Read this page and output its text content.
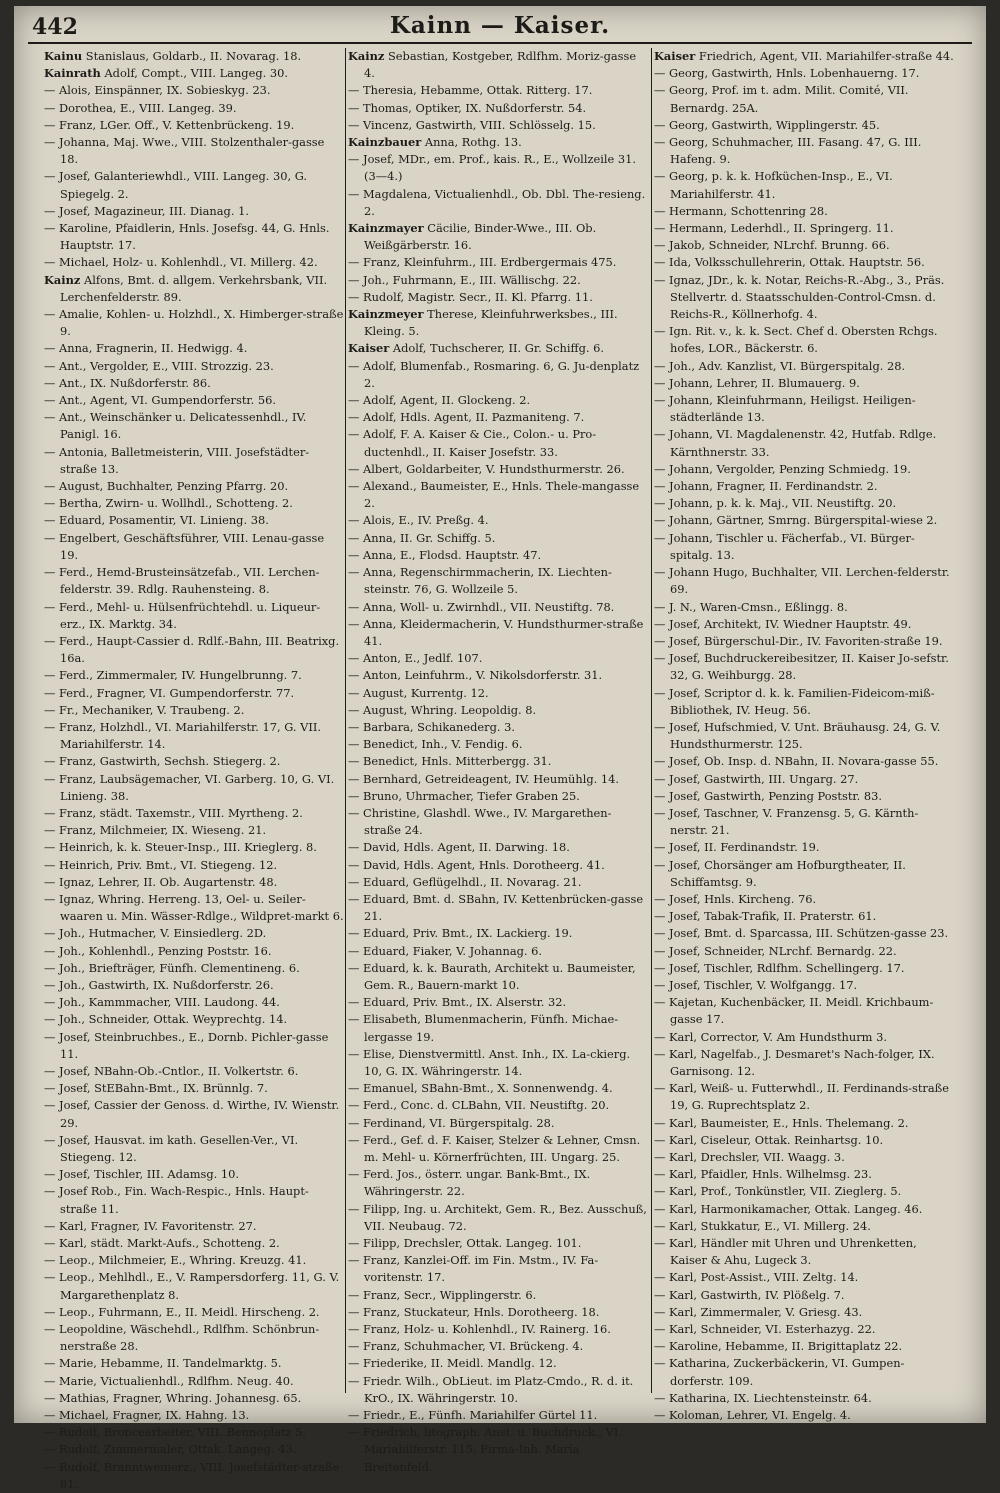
442	Kainn — Kaiser.

Kainu Stanislaus, Goldarb., II. Novarag. 18.

Kainrath Adolf, Compt., VIII. Langeg. 30.

— Alois, Einspänner, IX. Sobieskyg. 23.

— Dorothea, E., VIII. Langeg. 39.

— Franz, LGer. Off., V. Kettenbrückeng. 19.

— Johanna, Maj. Wwe., VIII. Stolzenthaler-gasse 18.

— Josef, Galanteriewhdl., VIII. Langeg. 30, G. Spiegelg. 2.

— Josef, Magazineur, III. Dianag. 1.

— Karoline, Pfaidlerin, Hnls. Josefsg. 44, G. Hnls. Hauptstr. 17.

— Michael, Holz- u. Kohlenhdl., VI. Millerg. 42.

Kainz Alfons, Bmt. d. allgem. Verkehrsbank, VII. Lerchenfelderstr. 89.

— Amalie, Kohlen- u. Holzhdl., X. Himberger-straße 9.

— Anna, Fragnerin, II. Hedwigg. 4.

— Ant., Vergolder, E., VIII. Strozzig. 23.

— Ant., IX. Nußdorferstr. 86.

— Ant., Agent, VI. Gumpendorferstr. 56.

— Ant., Weinschänker u. Delicatessenhdl., IV. Panigl. 16.

— Antonia, Balletmeisterin, VIII. Josefstädter-straße 13.

— August, Buchhalter, Penzing Pfarrg. 20.

— Bertha, Zwirn- u. Wollhdl., Schotteng. 2.

— Eduard, Posamentir, VI. Linieng. 38.

— Engelbert, Geschäftsführer, VIII. Lenau-gasse 19.

— Ferd., Hemd-Brusteinsätzefab., VII. Lerchen-felderstr. 39. Rdlg. Rauhensteing. 8.

— Ferd., Mehl- u. Hülsenfrüchtehdl. u. Liqueur-erz., IX. Marktg. 34.

— Ferd., Haupt-Cassier d. Rdlf.-Bahn, III. Beatrixg. 16a.

— Ferd., Zimmermaler, IV. Hungelbrunng. 7.

— Ferd., Fragner, VI. Gumpendorferstr. 77.

— Fr., Mechaniker, V. Traubeng. 2.

— Franz, Holzhdl., VI. Mariahilferstr. 17, G. VII. Mariahilferstr. 14.

— Franz, Gastwirth, Sechsh. Stiegerg. 2.

— Franz, Laubsägemacher, VI. Garberg. 10, G. VI. Linieng. 38.

— Franz, städt. Taxemstr., VIII. Myrtheng. 2.

— Franz, Milchmeier, IX. Wieseng. 21.

— Heinrich, k. k. Steuer-Insp., III. Krieglerg. 8.

— Heinrich, Priv. Bmt., VI. Stiegeng. 12.

— Ignaz, Lehrer, II. Ob. Augartenstr. 48.

— Ignaz, Whring. Herreng. 13, Oel- u. Seiler-waaren u. Min. Wässer-Rdlge., Wildpret-markt 6.

— Joh., Hutmacher, V. Einsiedlerg. 2D.

— Joh., Kohlenhdl., Penzing Poststr. 16.

— Joh., Briefträger, Fünfh. Clementineng. 6.

— Joh., Gastwirth, IX. Nußdorferstr. 26.

— Joh., Kammmacher, VIII. Laudong. 44.

— Joh., Schneider, Ottak. Weyprechtg. 14.

— Josef, Steinbruchbes., E., Dornb. Pichler-gasse 11.

— Josef, NBahn-Ob.-Cntlor., II. Volkertstr. 6.

— Josef, StEBahn-Bmt., IX. Brünnlg. 7.

— Josef, Cassier der Genoss. d. Wirthe, IV. Wienstr. 29.

— Josef, Hausvat. im kath. Gesellen-Ver., VI. Stiegeng. 12.

— Josef, Tischler, III. Adamsg. 10.

— Josef Rob., Fin. Wach-Respic., Hnls. Haupt-straße 11.

— Karl, Fragner, IV. Favoritenstr. 27.

— Karl, städt. Markt-Aufs., Schotteng. 2.

— Leop., Milchmeier, E., Whring. Kreuzg. 41.

— Leop., Mehlhdl., E., V. Rampersdorferg. 11, G. V. Margarethenplatz 8.

— Leop., Fuhrmann, E., II. Meidl. Hirscheng. 2.

— Leopoldine, Wäschehdl., Rdlfhm. Schönbrun-nerstraße 28.

— Marie, Hebamme, II. Tandelmarktg. 5.

— Marie, Victualienhdl., Rdlfhm. Neug. 40.

— Mathias, Fragner, Whring. Johannesg. 65.

— Michael, Fragner, IX. Hahng. 13.

— Rudolf, Broncearbeiter, VIII. Bennoplatz 5.

— Rudolf, Zimmermaler, Ottak. Langeg. 43.

— Rudolf, Branntweinerz., VIII. Josefstädter-straße 81.

Kainz Sebastian, Kostgeber, Rdlfhm. Moriz-gasse 4.

— Theresia, Hebamme, Ottak. Ritterg. 17.

— Thomas, Optiker, IX. Nußdorferstr. 54.

— Vincenz, Gastwirth, VIII. Schlösselg. 15.

Kainzbauer Anna, Rothg. 13.

— Josef, MDr., em. Prof., kais. R., E., Wollzeile 31. (3—4.)

— Magdalena, Victualienhdl., Ob. Dbl. The-resieng. 2.

Kainzmayer Cäcilie, Binder-Wwe., III. Ob. Weißgärberstr. 16.

— Franz, Kleinfuhrm., III. Erdbergermais 475.

— Joh., Fuhrmann, E., III. Wällischg. 22.

— Rudolf, Magistr. Secr., II. Kl. Pfarrg. 11.

Kainzmeyer Therese, Kleinfuhrwerksbes., III. Kleing. 5.

Kaiser Adolf, Tuchscherer, II. Gr. Schiffg. 6.

— Adolf, Blumenfab., Rosmaring. 6, G. Ju-denplatz 2.

— Adolf, Agent, II. Glockeng. 2.

— Adolf, Hdls. Agent, II. Pazmaniteng. 7.

— Adolf, F. A. Kaiser & Cie., Colon.- u. Pro-ductenhdl., II. Kaiser Josefstr. 33.

— Albert, Goldarbeiter, V. Hundsthurmerstr. 26.

— Alexand., Baumeister, E., Hnls. Thele-mangasse 2.

— Alois, E., IV. Preßg. 4.

— Anna, II. Gr. Schiffg. 5.

— Anna, E., Flodsd. Hauptstr. 47.

— Anna, Regenschirmmacherin, IX. Liechten-steinstr. 76, G. Wollzeile 5.

— Anna, Woll- u. Zwirnhdl., VII. Neustiftg. 78.

— Anna, Kleidermacherin, V. Hundsthurmer-straße 41.

— Anton, E., Jedlf. 107.

— Anton, Leinfuhrm., V. Nikolsdorferstr. 31.

— August, Kurrentg. 12.

— August, Whring. Leopoldig. 8.

— Barbara, Schikanederg. 3.

— Benedict, Inh., V. Fendig. 6.

— Benedict, Hnls. Mitterbergg. 31.

— Bernhard, Getreideagent, IV. Heumühlg. 14.

— Bruno, Uhrmacher, Tiefer Graben 25.

— Christine, Glashdl. Wwe., IV. Margarethen-straße 24.

— David, Hdls. Agent, II. Darwing. 18.

— David, Hdls. Agent, Hnls. Dorotheerg. 41.

— Eduard, Geflügelhdl., II. Novarag. 21.

— Eduard, Bmt. d. SBahn, IV. Kettenbrücken-gasse 21.

— Eduard, Priv. Bmt., IX. Lackierg. 19.

— Eduard, Fiaker, V. Johannag. 6.

— Eduard, k. k. Baurath, Architekt u. Baumeister, Gem. R., Bauern-markt 10.

— Eduard, Priv. Bmt., IX. Alserstr. 32.

— Elisabeth, Blumenmacherin, Fünfh. Michae-lergasse 19.

— Elise, Dienstvermittl. Anst. Inh., IX. La-ckierg. 10, G. IX. Währingerstr. 14.

— Emanuel, SBahn-Bmt., X. Sonnenwendg. 4.

— Ferd., Conc. d. CLBahn, VII. Neustiftg. 20.

— Ferdinand, VI. Bürgerspitalg. 28.

— Ferd., Gef. d. F. Kaiser, Stelzer & Lehner, Cmsn. m. Mehl- u. Körnerfrüchten, III. Ungarg. 25.

— Ferd. Jos., österr. ungar. Bank-Bmt., IX. Währingerstr. 22.

— Filipp, Ing. u. Architekt, Gem. R., Bez. Ausschuß, VII. Neubaug. 72.

— Filipp, Drechsler, Ottak. Langeg. 101.

— Franz, Kanzlei-Off. im Fin. Mstm., IV. Fa-voritenstr. 17.

— Franz, Secr., Wipplingerstr. 6.

— Franz, Stuckateur, Hnls. Dorotheerg. 18.

— Franz, Holz- u. Kohlenhdl., IV. Rainerg. 16.

— Franz, Schuhmacher, VI. Brückeng. 4.

— Friederike, II. Meidl. Mandlg. 12.

— Friedr. Wilh., ObLieut. im Platz-Cmdo., R. d. it. KrO., IX. Währingerstr. 10.

— Friedr., E., Fünfh. Mariahilfer Gürtel 11.

— Friedrich, litograph. Anst. u. Buchdruck., VI. Mariahilferstr. 115, Firma-Inh. Maria Breitenfeld.

Kaiser Friedrich, Agent, VII. Mariahilfer-straße 44.

— Georg, Gastwirth, Hnls. Lobenhauerng. 17.

— Georg, Prof. im t. adm. Milit. Comité, VII. Bernardg. 25A.

— Georg, Gastwirth, Wipplingerstr. 45.

— Georg, Schuhmacher, III. Fasang. 47, G. III. Hafeng. 9.

— Georg, p. k. k. Hofküchen-Insp., E., VI. Mariahilferstr. 41.

— Hermann, Schottenring 28.

— Hermann, Lederhdl., II. Springerg. 11.

— Jakob, Schneider, NLrchf. Brunng. 66.

— Ida, Volksschullehrerin, Ottak. Hauptstr. 56.

— Ignaz, JDr., k. k. Notar, Reichs-R.-Abg., 3., Präs. Stellvertr. d. Staatsschulden-Control-Cmsn. d. Reichs-R., Köllnerhofg. 4.

— Ign. Rit. v., k. k. Sect. Chef d. Obersten Rchgs. hofes, LOR., Bäckerstr. 6.

— Joh., Adv. Kanzlist, VI. Bürgerspitalg. 28.

— Johann, Lehrer, II. Blumauerg. 9.

— Johann, Kleinfuhrmann, Heiligst. Heiligen-städterlände 13.

— Johann, VI. Magdalenenstr. 42, Hutfab. Rdlge. Kärnthnerstr. 33.

— Johann, Vergolder, Penzing Schmiedg. 19.

— Johann, Fragner, II. Ferdinandstr. 2.

— Johann, p. k. k. Maj., VII. Neustiftg. 20.

— Johann, Gärtner, Smrng. Bürgerspital-wiese 2.

— Johann, Tischler u. Fächerfab., VI. Bürger-spitalg. 13.

— Johann Hugo, Buchhalter, VII. Lerchen-felderstr. 69.

— J. N., Waren-Cmsn., Eßlingg. 8.

— Josef, Architekt, IV. Wiedner Hauptstr. 49.

— Josef, Bürgerschul-Dir., IV. Favoriten-straße 19.

— Josef, Buchdruckereibesitzer, II. Kaiser Jo-sefstr. 32, G. Weihburgg. 28.

— Josef, Scriptor d. k. k. Familien-Fideicom-miß-Bibliothek, IV. Heug. 56.

— Josef, Hufschmied, V. Unt. Bräuhausg. 24, G. V. Hundsthurmerstr. 125.

— Josef, Ob. Insp. d. NBahn, II. Novara-gasse 55.

— Josef, Gastwirth, III. Ungarg. 27.

— Josef, Gastwirth, Penzing Poststr. 83.

— Josef, Taschner, V. Franzensg. 5, G. Kärnth-nerstr. 21.

— Josef, II. Ferdinandstr. 19.

— Josef, Chorsänger am Hofburgtheater, II. Schiffamtsg. 9.

— Josef, Hnls. Kircheng. 76.

— Josef, Tabak-Trafik, II. Praterstr. 61.

— Josef, Bmt. d. Sparcassa, III. Schützen-gasse 23.

— Josef, Schneider, NLrchf. Bernardg. 22.

— Josef, Tischler, Rdlfhm. Schellingerg. 17.

— Josef, Tischler, V. Wolfgangg. 17.

— Kajetan, Kuchenbäcker, II. Meidl. Krichbaum-gasse 17.

— Karl, Corrector, V. Am Hundsthurm 3.

— Karl, Nagelfab., J. Desmaret's Nach-folger, IX. Garnisong. 12.

— Karl, Weiß- u. Futterwhdl., II. Ferdinands-straße 19, G. Ruprechtsplatz 2.

— Karl, Baumeister, E., Hnls. Thelemang. 2.

— Karl, Ciseleur, Ottak. Reinhartsg. 10.

— Karl, Drechsler, VII. Waagg. 3.

— Karl, Pfaidler, Hnls. Wilhelmsg. 23.

— Karl, Prof., Tonkünstler, VII. Zieglerg. 5.

— Karl, Harmonikamacher, Ottak. Langeg. 46.

— Karl, Stukkatur, E., VI. Millerg. 24.

— Karl, Händler mit Uhren und Uhrenketten, Kaiser & Ahu, Lugeck 3.

— Karl, Post-Assist., VIII. Zeltg. 14.

— Karl, Gastwirth, IV. Plößelg. 7.

— Karl, Zimmermaler, V. Griesg. 43.

— Karl, Schneider, VI. Esterhazyg. 22.

— Karoline, Hebamme, II. Brigittaplatz 22.

— Katharina, Zuckerbäckerin, VI. Gumpen-dorferstr. 109.

— Katharina, IX. Liechtensteinstr. 64.

— Koloman, Lehrer, VI. Engelg. 4.
